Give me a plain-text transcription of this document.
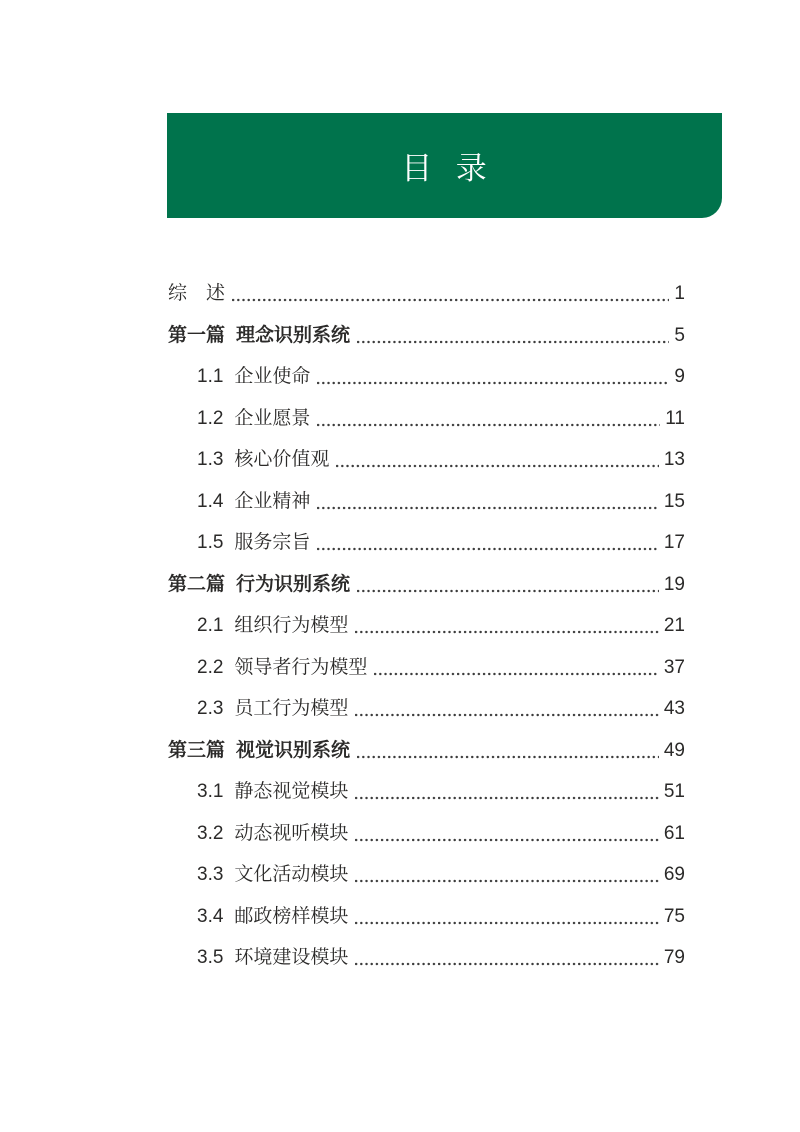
目 录
综　述	1
第一篇 理念识别系统	5
1.1 企业使命	9
1.2 企业愿景	11
1.3 核心价值观	13
1.4 企业精神	15
1.5 服务宗旨	17
第二篇 行为识别系统	19
2.1 组织行为模型	21
2.2 领导者行为模型	37
2.3 员工行为模型	43
第三篇 视觉识别系统	49
3.1 静态视觉模块	51
3.2 动态视听模块	61
3.3 文化活动模块	69
3.4 邮政榜样模块	75
3.5 环境建设模块	79
